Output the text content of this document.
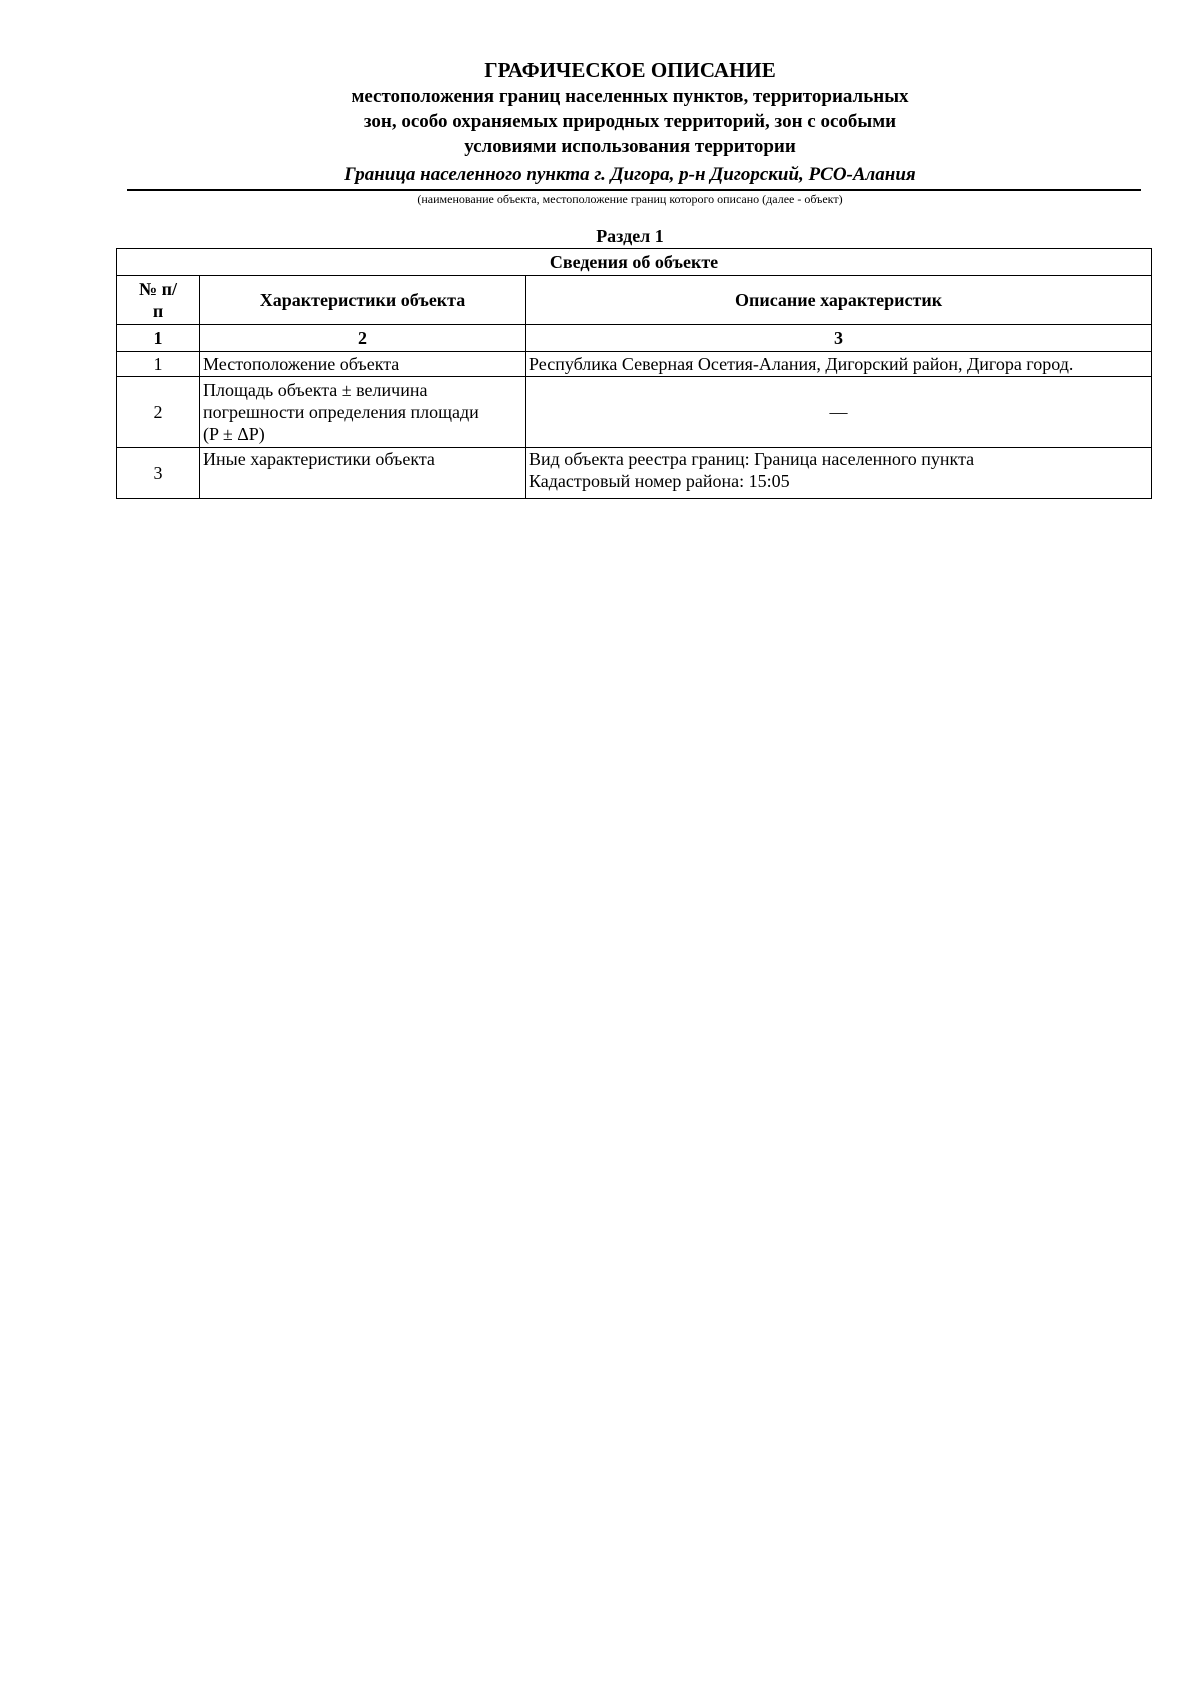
ГРАФИЧЕСКОЕ ОПИСАНИЕ
местоположения границ населенных пунктов, территориальных
зон, особо охраняемых природных территорий, зон с особыми
условиями использования территории
Граница населенного пункта г. Дигора, р-н Дигорский, РСО-Алания
(наименование объекта, местоположение границ которого описано (далее - объект)
Раздел 1
Сведения об объекте		
№ п/п	Характеристики объекта	Описание характеристик
1	2	3
1	Местоположение объекта	Республика Северная Осетия-Алания, Дигорский район, Дигора город.
2	Площадь объекта ± величина
погрешности определения площади
(P ± ΔP)	—
3	Иные характеристики объекта	Вид объекта реестра границ: Граница населенного пункта
Кадастровый номер района: 15:05
